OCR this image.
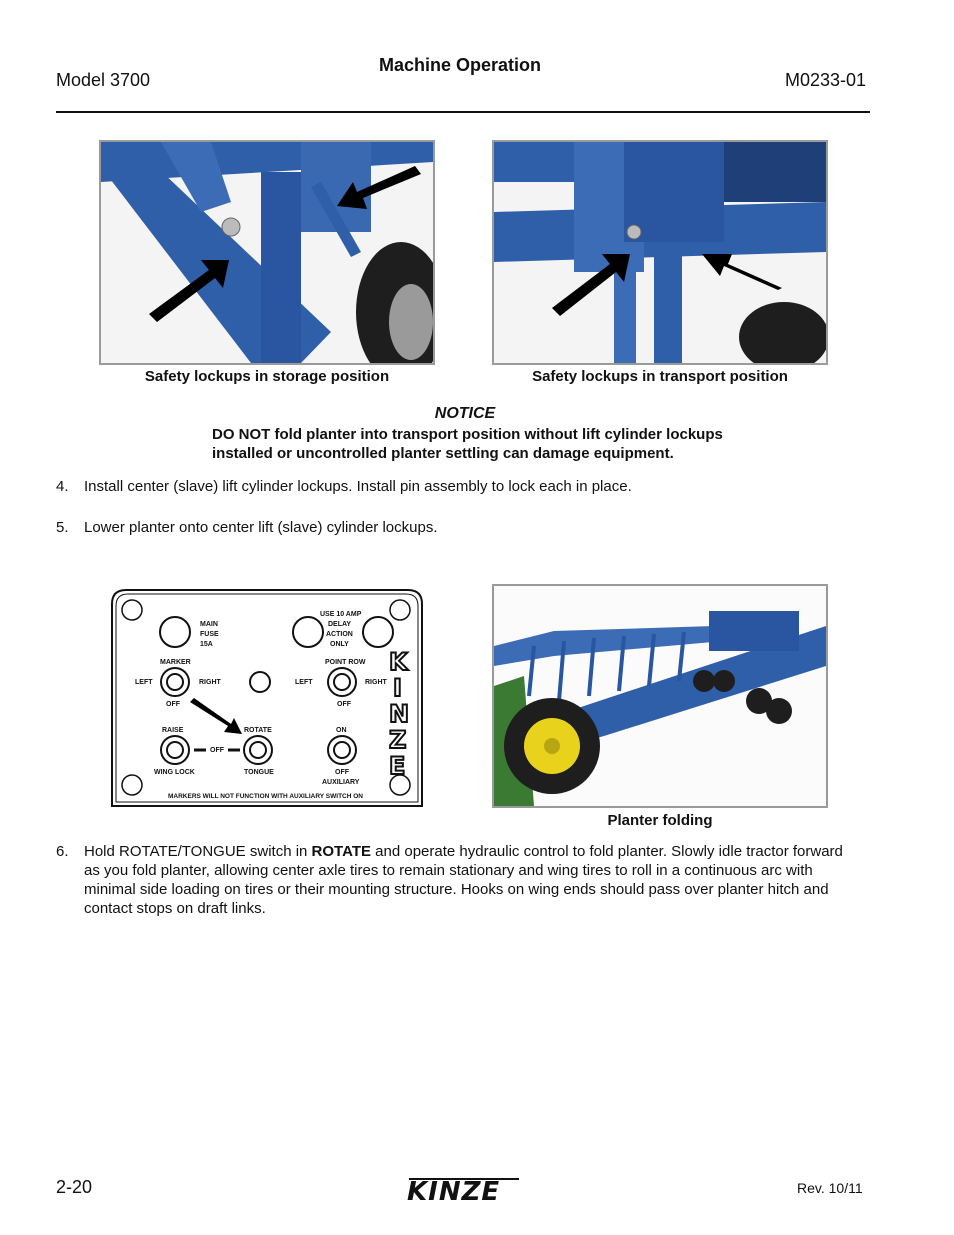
Model 3700
Machine Operation
M0233-01
Safety lockups in storage position	Safety lockups in transport position
NOTICE
DO NOT fold planter into transport position without lift cylinder lockups
installed or uncontrolled planter settling can damage equipment.
4. Install center (slave) lift cylinder lockups. Install pin assembly to lock each in place.
5. Lower planter onto center lift (slave) cylinder lockups.
MAIN
FUSE
15A
USE 10 AMP
DELAY
ACTION
ONLY
MARKER
LEFT	RIGHT
OFF
POINT ROW
LEFT	RIGHT
OFF
RAISE
OFF
WING LOCK
ROTATE
TONGUE
ON
OFF
AUXILIARY
MARKERS WILL NOT FUNCTION WITH AUXILIARY SWITCH ON
K
I
N
Z
E
Planter folding
6. Hold ROTATE/TONGUE switch in ROTATE and operate hydraulic control to fold planter. Slowly idle tractor forward
as you fold planter, allowing center axle tires to remain stationary and wing tires to roll in a continuous arc with
minimal side loading on tires or their mounting structure. Hooks on wing ends should pass over planter hitch and
contact stops on draft links.
2-20	KINZE	Rev. 10/11
